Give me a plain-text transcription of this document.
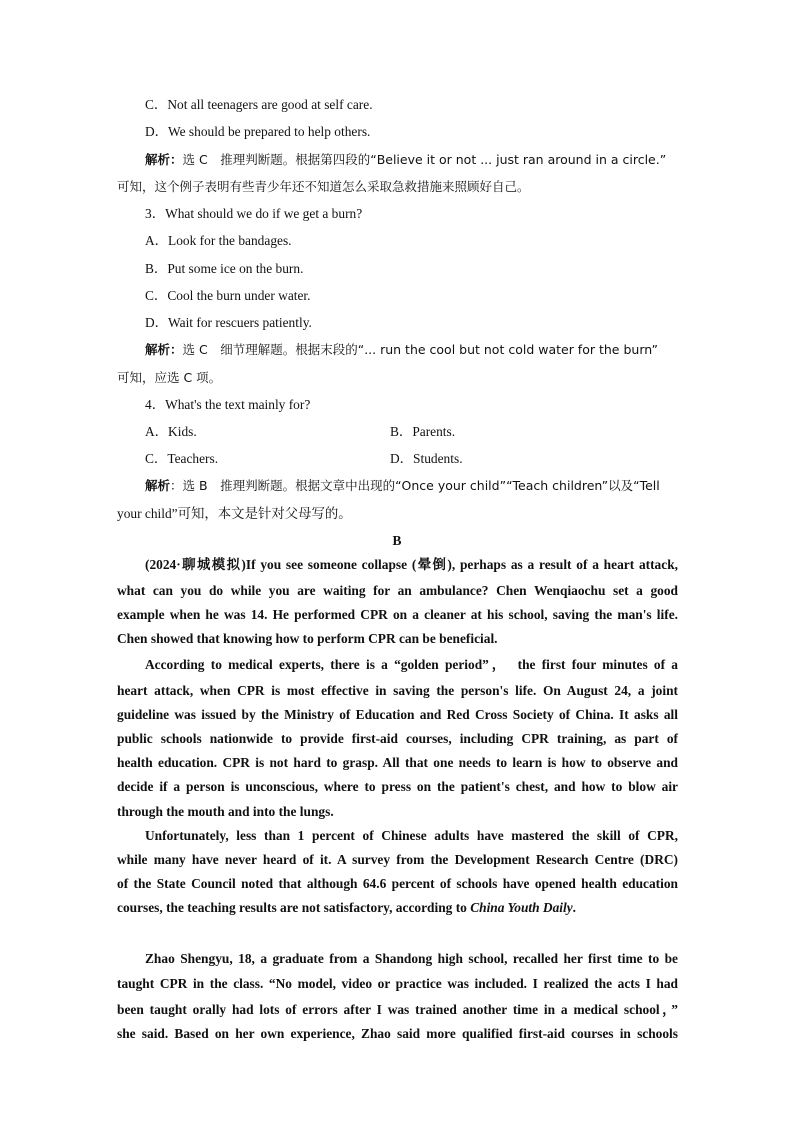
C．Not all teenagers are good at self care.
D．We should be prepared to help others.
解析：选 C　推理判断题。根据第四段的“Believe it or not ... just ran around in a circle.”
可知，这个例子表明有些青少年还不知道怎么采取急救措施来照顾好自己。
3．What should we do if we get a burn?
A．Look for the bandages.
B．Put some ice on the burn.
C．Cool the burn under water.
D．Wait for rescuers patiently.
解析：选 C　细节理解题。根据末段的“... run the cool but not cold water for the burn”
可知，应选 C 项。
4．What's the text mainly for?
A．Kids.	B．Parents.
C．Teachers.	D．Students.
解析：选 B　推理判断题。根据文章中出现的“Once your child”“Teach children”以及“Tell
your child”可知，本文是针对父母写的。
B
(2024·聊城模拟)If you see someone collapse (晕倒), perhaps as a result of a heart attack,
what can you do while you are waiting for an ambulance? Chen Wenqiaochu set a good
example when he was 14. He performed CPR on a cleaner at his school, saving the man's life.
Chen showed that knowing how to perform CPR can be beneficial.
According to medical experts, there is a “golden period”，　the first four minutes of a
heart attack, when CPR is most effective in saving the person's life. On August 24, a joint
guideline was issued by the Ministry of Education and Red Cross Society of China. It asks all
public schools nationwide to provide first-aid courses, including CPR training, as part of
health education. CPR is not hard to grasp. All that one needs to learn is how to observe and
decide if a person is unconscious, where to press on the patient's chest, and how to blow air
through the mouth and into the lungs.
Unfortunately, less than 1 percent of Chinese adults have mastered the skill of CPR,
while many have never heard of it. A survey from the Development Research Centre (DRC)
of the State Council noted that although 64.6 percent of schools have opened health education
courses, the teaching results are not satisfactory, according to China Youth Daily.
Zhao Shengyu, 18, a graduate from a Shandong high school, recalled her first time to be
taught CPR in the class. “No model, video or practice was included. I realized the acts I had
been taught orally had lots of errors after I was trained another time in a medical school，”
she said. Based on her own experience, Zhao said more qualified first-aid courses in schools
